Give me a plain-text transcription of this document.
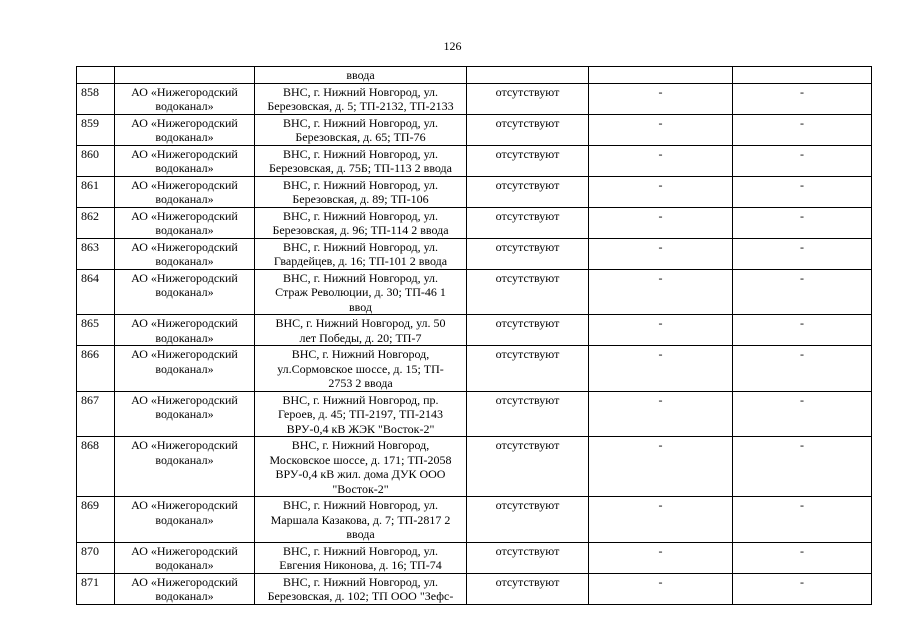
126

		ввода			

858	АО «Нижегородский
водоканал»	ВНС, г. Нижний Новгород, ул.
Березовская, д. 5; ТП-2132, ТП-2133	отсутствуют	-	-
859	АО «Нижегородский
водоканал»	ВНС, г. Нижний Новгород, ул.
Березовская, д. 65; ТП-76	отсутствуют	-	-
860	АО «Нижегородский
водоканал»	ВНС, г. Нижний Новгород, ул.
Березовская, д. 75Б; ТП-113 2 ввода	отсутствуют	-	-
861	АО «Нижегородский
водоканал»	ВНС, г. Нижний Новгород, ул.
Березовская, д. 89; ТП-106	отсутствуют	-	-
862	АО «Нижегородский
водоканал»	ВНС, г. Нижний Новгород, ул.
Березовская, д. 96; ТП-114 2 ввода	отсутствуют	-	-
863	АО «Нижегородский
водоканал»	ВНС, г. Нижний Новгород, ул.
Гвардейцев, д. 16; ТП-101 2 ввода	отсутствуют	-	-
864	АО «Нижегородский
водоканал»	ВНС, г. Нижний Новгород, ул.
Страж Революции, д. 30; ТП-46 1
ввод	отсутствуют	-	-
865	АО «Нижегородский
водоканал»	ВНС, г. Нижний Новгород, ул. 50
лет Победы, д. 20; ТП-7	отсутствуют	-	-
866	АО «Нижегородский
водоканал»	ВНС, г. Нижний Новгород,
ул.Сормовское шоссе, д. 15; ТП-
2753 2 ввода	отсутствуют	-	-
867	АО «Нижегородский
водоканал»	ВНС, г. Нижний Новгород, пр.
Героев, д. 45; ТП-2197, ТП-2143
ВРУ-0,4 кВ ЖЭК "Восток-2"	отсутствуют	-	-
868	АО «Нижегородский
водоканал»	ВНС, г. Нижний Новгород,
Московское шоссе, д. 171; ТП-2058
ВРУ-0,4 кВ жил. дома ДУК ООО
"Восток-2"	отсутствуют	-	-
869	АО «Нижегородский
водоканал»	ВНС, г. Нижний Новгород, ул.
Маршала Казакова, д. 7; ТП-2817 2
ввода	отсутствуют	-	-
870	АО «Нижегородский
водоканал»	ВНС, г. Нижний Новгород, ул.
Евгения Никонова, д. 16; ТП-74	отсутствуют	-	-
871	АО «Нижегородский
водоканал»	ВНС, г. Нижний Новгород, ул.
Березовская, д. 102; ТП ООО "Зефс-	отсутствуют	-	-
